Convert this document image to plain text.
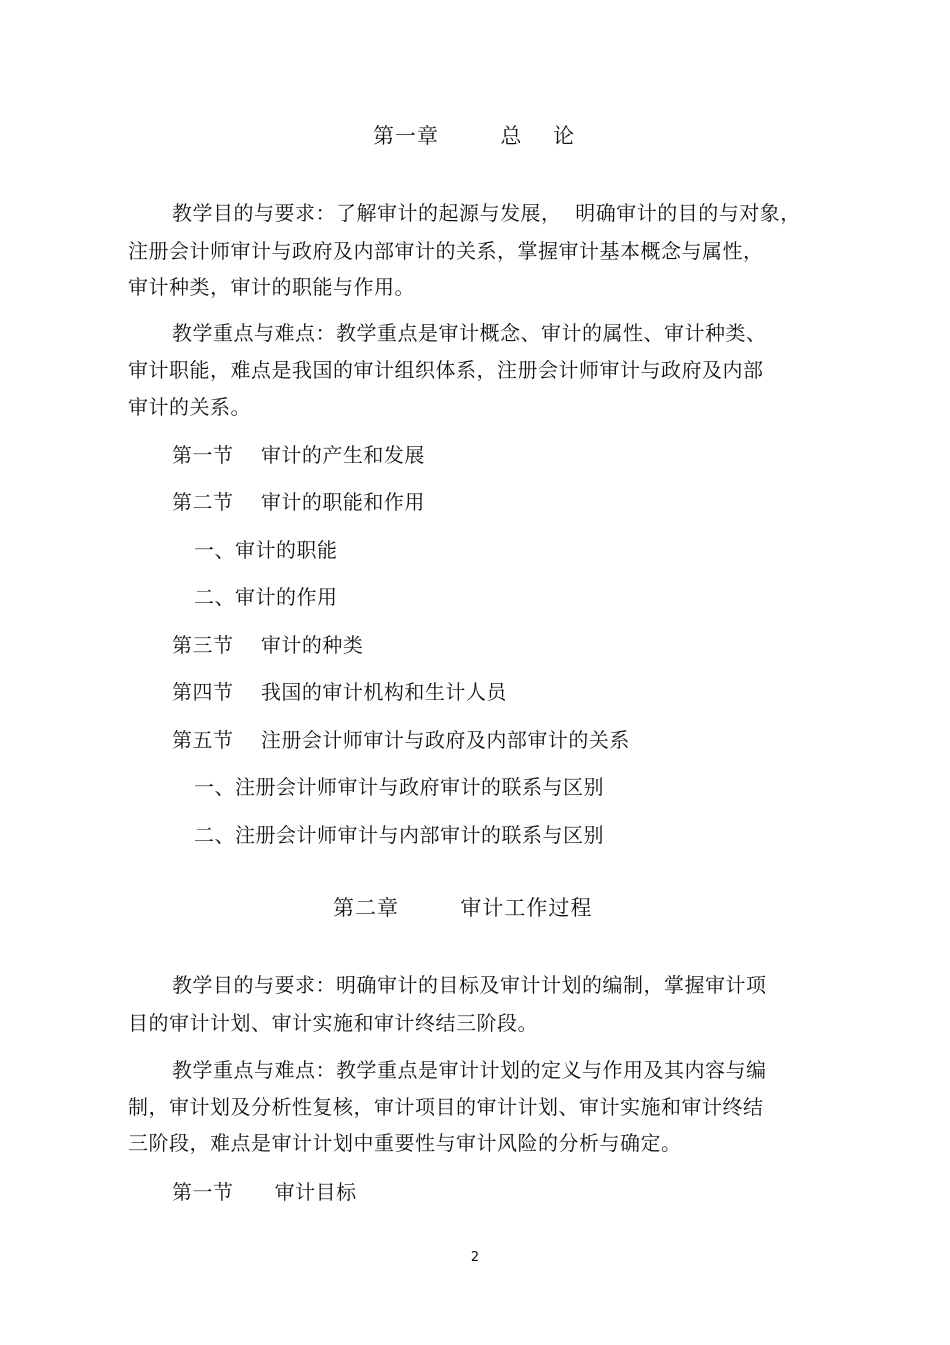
第一章        总    论
教学目的与要求：了解审计的起源与发展，  明确审计的目的与对象，
注册会计师审计与政府及内部审计的关系，掌握审计基本概念与属性，
审计种类，审计的职能与作用。
教学重点与难点：教学重点是审计概念、审计的属性、审计种类、
审计职能，难点是我国的审计组织体系，注册会计师审计与政府及内部
审计的关系。
第一节    审计的产生和发展
第二节    审计的职能和作用
一、审计的职能
二、审计的作用
第三节    审计的种类
第四节    我国的审计机构和生计人员
第五节    注册会计师审计与政府及内部审计的关系
一、注册会计师审计与政府审计的联系与区别
二、注册会计师审计与内部审计的联系与区别
第二章        审计工作过程
教学目的与要求：明确审计的目标及审计计划的编制，掌握审计项
目的审计计划、审计实施和审计终结三阶段。
教学重点与难点：教学重点是审计计划的定义与作用及其内容与编
制，审计划及分析性复核，审计项目的审计计划、审计实施和审计终结
三阶段，难点是审计计划中重要性与审计风险的分析与确定。
第一节      审计目标
2
